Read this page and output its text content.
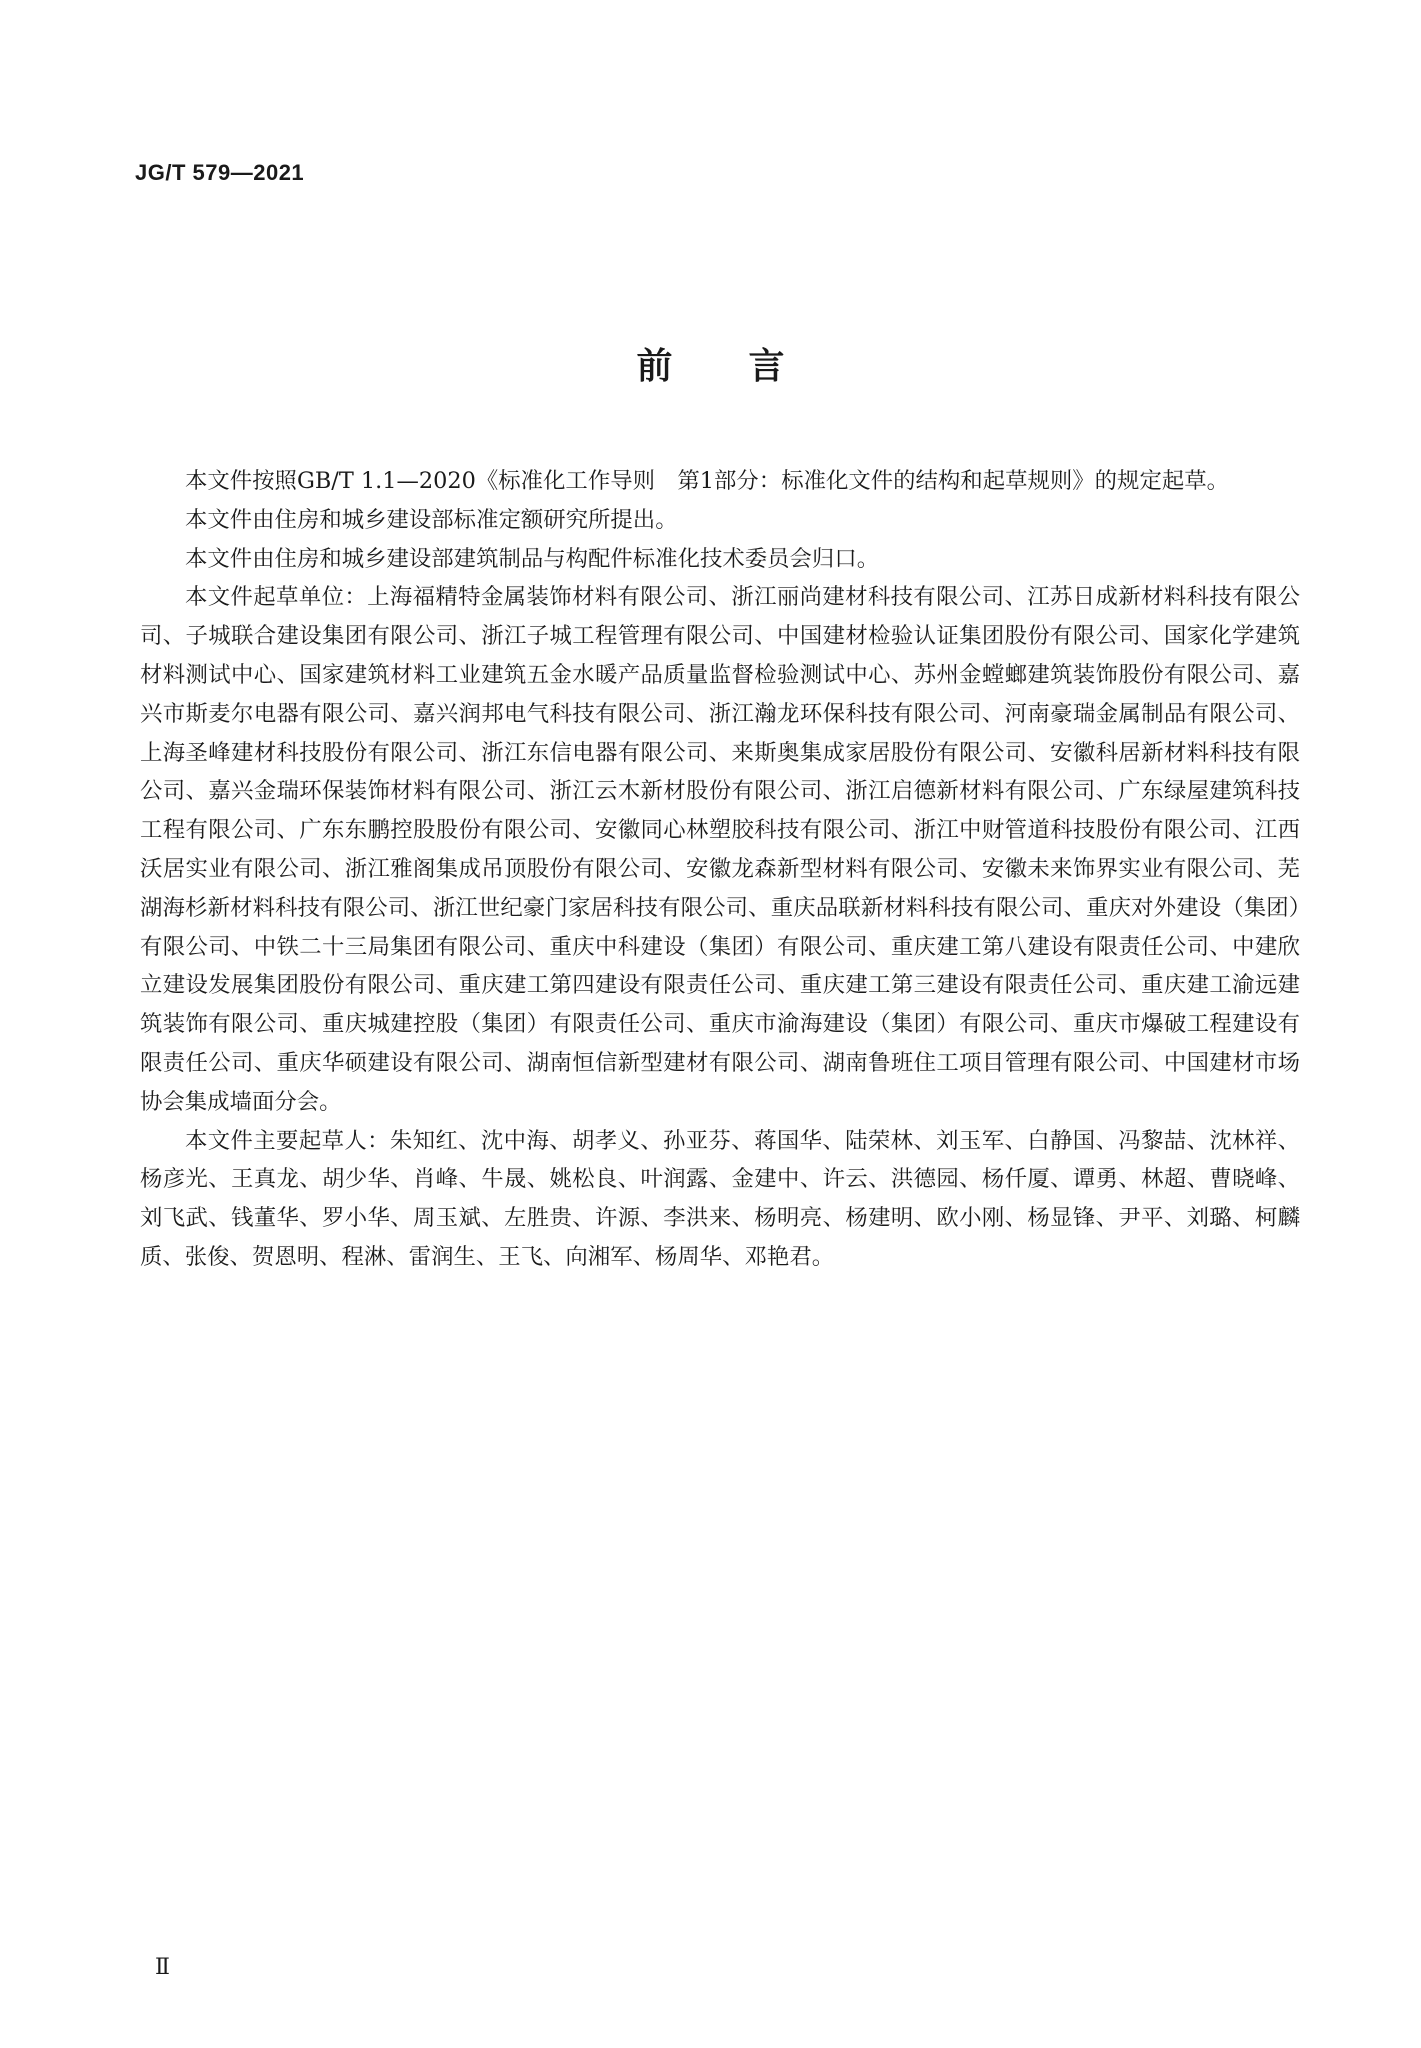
JG/T 579—2021
前 言

本文件按照GB/T 1.1—2020《标准化工作导则　第1部分：标准化文件的结构和起草规则》的规定起草。

本文件由住房和城乡建设部标准定额研究所提出。

本文件由住房和城乡建设部建筑制品与构配件标准化技术委员会归口。

本文件起草单位：上海福精特金属装饰材料有限公司、浙江丽尚建材科技有限公司、江苏日成新材料科技有限公司、子城联合建设集团有限公司、浙江子城工程管理有限公司、中国建材检验认证集团股份有限公司、国家化学建筑材料测试中心、国家建筑材料工业建筑五金水暖产品质量监督检验测试中心、苏州金螳螂建筑装饰股份有限公司、嘉兴市斯麦尔电器有限公司、嘉兴润邦电气科技有限公司、浙江瀚龙环保科技有限公司、河南豪瑞金属制品有限公司、上海圣峰建材科技股份有限公司、浙江东信电器有限公司、来斯奥集成家居股份有限公司、安徽科居新材料科技有限公司、嘉兴金瑞环保装饰材料有限公司、浙江云木新材股份有限公司、浙江启德新材料有限公司、广东绿屋建筑科技工程有限公司、广东东鹏控股股份有限公司、安徽同心林塑胶科技有限公司、浙江中财管道科技股份有限公司、江西沃居实业有限公司、浙江雅阁集成吊顶股份有限公司、安徽龙森新型材料有限公司、安徽未来饰界实业有限公司、芜湖海杉新材料科技有限公司、浙江世纪豪门家居科技有限公司、重庆品联新材料科技有限公司、重庆对外建设（集团）有限公司、中铁二十三局集团有限公司、重庆中科建设（集团）有限公司、重庆建工第八建设有限责任公司、中建欣立建设发展集团股份有限公司、重庆建工第四建设有限责任公司、重庆建工第三建设有限责任公司、重庆建工渝远建筑装饰有限公司、重庆城建控股（集团）有限责任公司、重庆市渝海建设（集团）有限公司、重庆市爆破工程建设有限责任公司、重庆华硕建设有限公司、湖南恒信新型建材有限公司、湖南鲁班住工项目管理有限公司、中国建材市场协会集成墙面分会。

本文件主要起草人：朱知红、沈中海、胡孝义、孙亚芬、蒋国华、陆荣林、刘玉军、白静国、冯黎喆、沈林祥、杨彦光、王真龙、胡少华、肖峰、牛晟、姚松良、叶润露、金建中、许云、洪德园、杨仟厦、谭勇、林超、曹晓峰、刘飞武、钱董华、罗小华、周玉斌、左胜贵、许源、李洪来、杨明亮、杨建明、欧小刚、杨显锋、尹平、刘璐、柯麟质、张俊、贺恩明、程淋、雷润生、王飞、向湘军、杨周华、邓艳君。

Ⅱ
